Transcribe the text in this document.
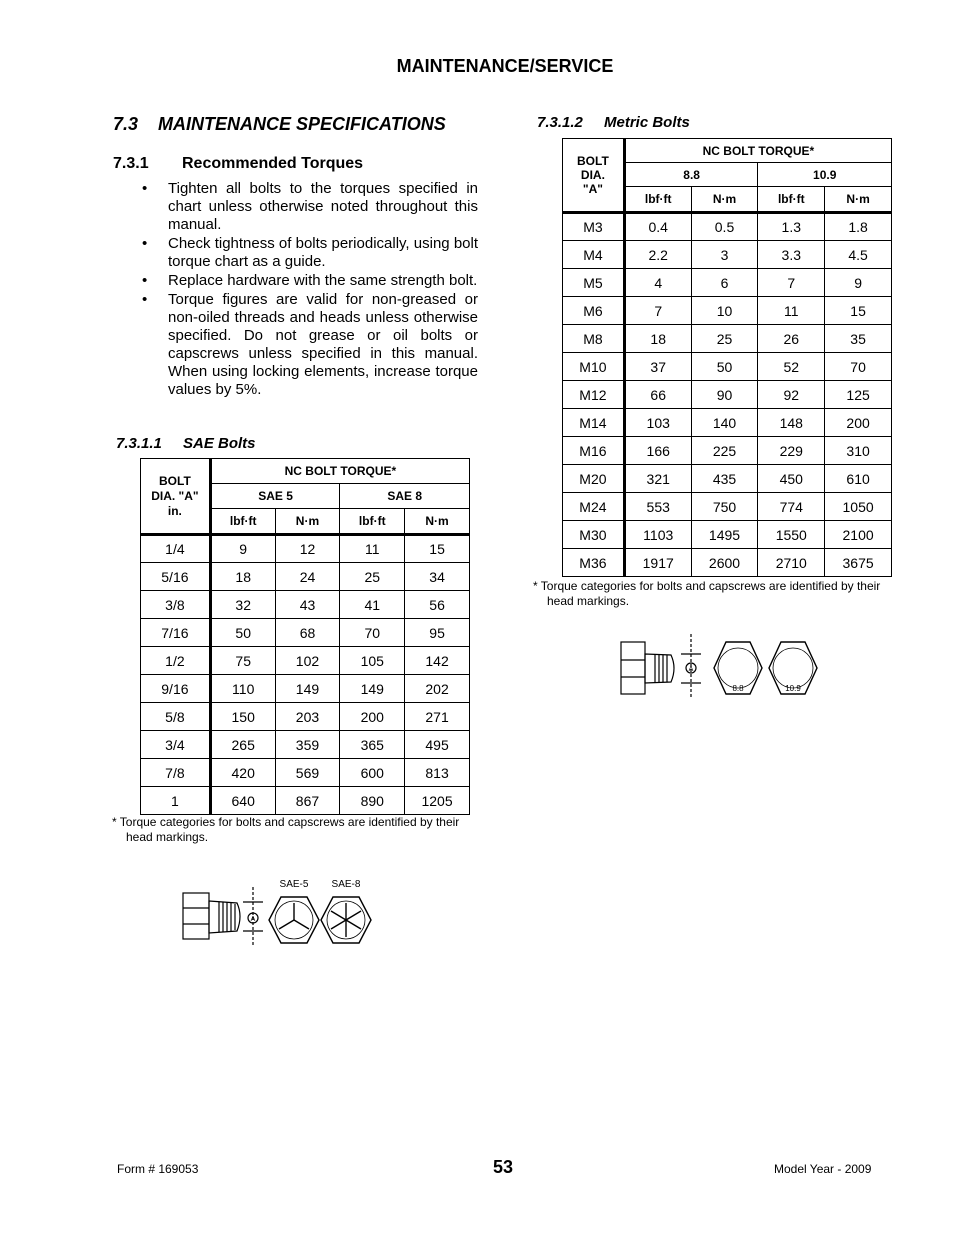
MAINTENANCE/SERVICE
7.3 MAINTENANCE SPECIFICATIONS
7.3.1 Recommended Torques
• Tighten all bolts to the torques specified in chart unless otherwise noted throughout this manual.
• Check tightness of bolts periodically, using bolt torque chart as a guide.
• Replace hardware with the same strength bolt.
• Torque figures are valid for non-greased or non-oiled threads and heads unless otherwise specified. Do not grease or oil bolts or capscrews unless specified in this manual. When using locking elements, increase torque values by 5%.
7.3.1.1 SAE Bolts
BOLT
DIA. "A"
in.	NC BOLT TORQUE*			
	SAE 5		SAE 8	
	lbf·ft	N·m	lbf·ft	N·m
1/4	9	12	11	15
5/16	18	24	25	34
3/8	32	43	41	56
7/16	50	68	70	95
1/2	75	102	105	142
9/16	110	149	149	202
5/8	150	203	200	271
3/4	265	359	365	495
7/8	420	569	600	813
1	640	867	890	1205
* Torque categories for bolts and capscrews are identified by their
head markings.
A
SAE-5 SAE-8
7.3.1.2 Metric Bolts
BOLT
DIA.
"A"	NC BOLT TORQUE*			
	8.8		10.9	
	lbf·ft	N·m	lbf·ft	N·m
M3	0.4	0.5	1.3	1.8
M4	2.2	3	3.3	4.5
M5	4	6	7	9
M6	7	10	11	15
M8	18	25	26	35
M10	37	50	52	70
M12	66	90	92	125
M14	103	140	148	200
M16	166	225	229	310
M20	321	435	450	610
M24	553	750	774	1050
M30	1103	1495	1550	2100
M36	1917	2600	2710	3675
* Torque categories for bolts and capscrews are identified by their
head markings.
A
8.8	10.9
Form # 169053	53	Model Year - 2009
